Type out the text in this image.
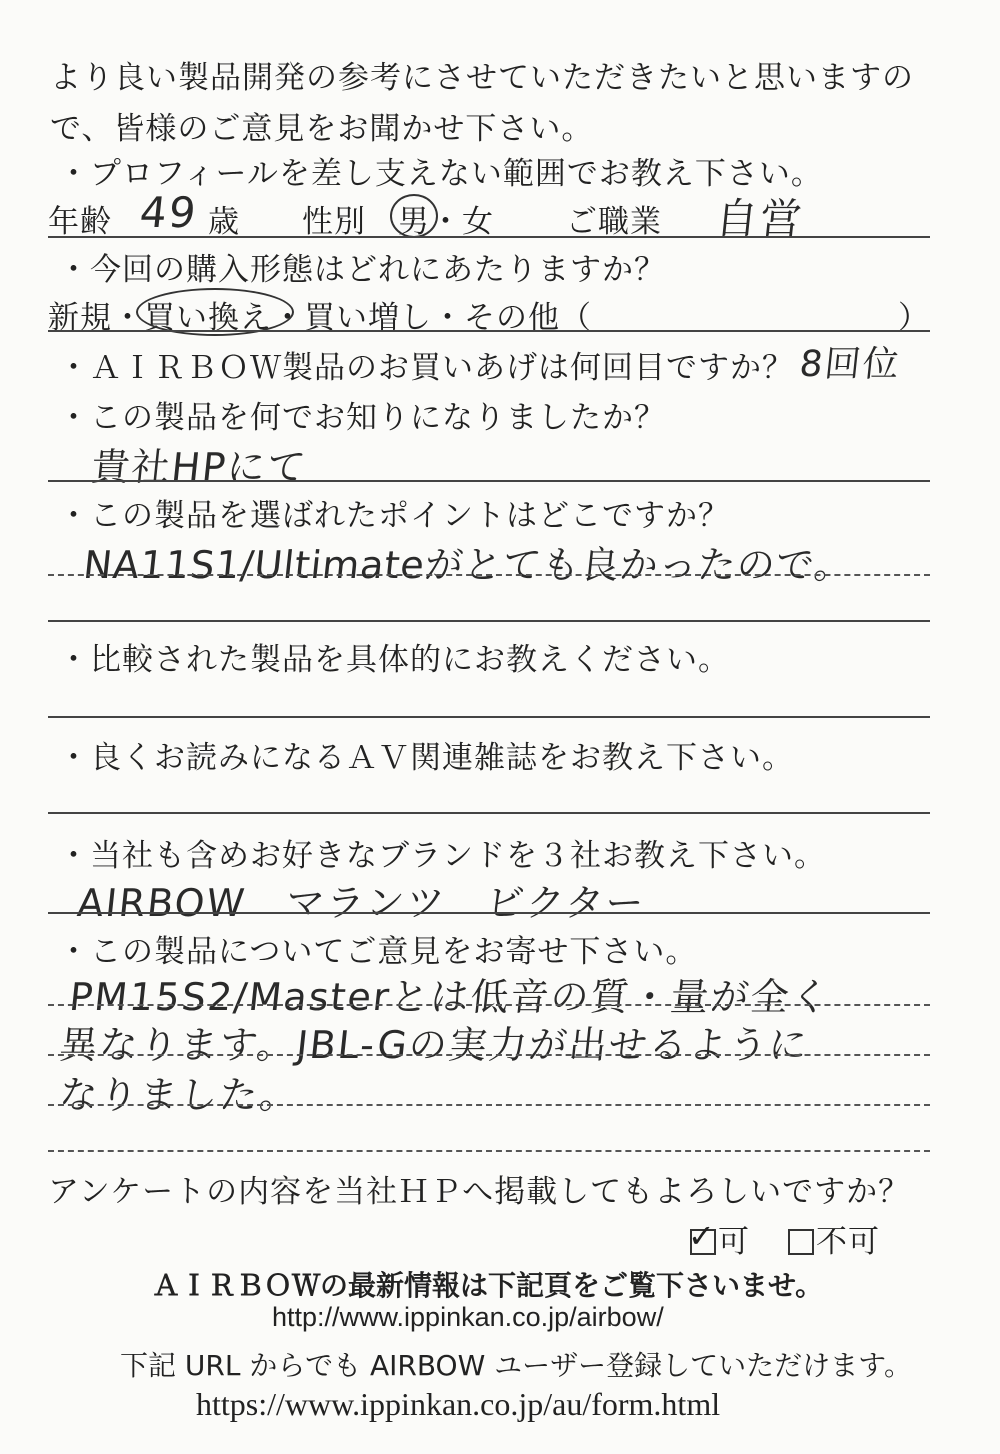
より良い製品開発の参考にさせていただきたいと思いますの
で、皆様のご意見をお聞かせ下さい。
・プロフィールを差し支えない範囲でお教え下さい。
年齢 49 歳 性別 男・女 ご職業 自営
・今回の購入形態はどれにあたりますか？
新規・買い換え・買い増し・その他（	）
・ＡＩＲＢＯＷ製品のお買いあげは何回目ですか？ 8回位
・この製品を何でお知りになりましたか？
貴社HPにて
・この製品を選ばれたポイントはどこですか？
NA11S1/Ultimateがとても良かったので。
・比較された製品を具体的にお教えください。
・良くお読みになるＡＶ関連雑誌をお教え下さい。
・当社も含めお好きなブランドを３社お教え下さい。
AIRBOW　マランツ　ビクター
・この製品についてご意見をお寄せ下さい。
PM15S2/Masterとは低音の質・量が全く
異なります。JBL-Gの実力が出せるように
なりました。
アンケートの内容を当社ＨＰへ掲載してもよろしいですか？
✓ 可	不可
ＡＩＲＢＯＷの最新情報は下記頁をご覧下さいませ。
http://www.ippinkan.co.jp/airbow/
下記 URL からでも AIRBOW ユーザー登録していただけます。
https://www.ippinkan.co.jp/au/form.html
